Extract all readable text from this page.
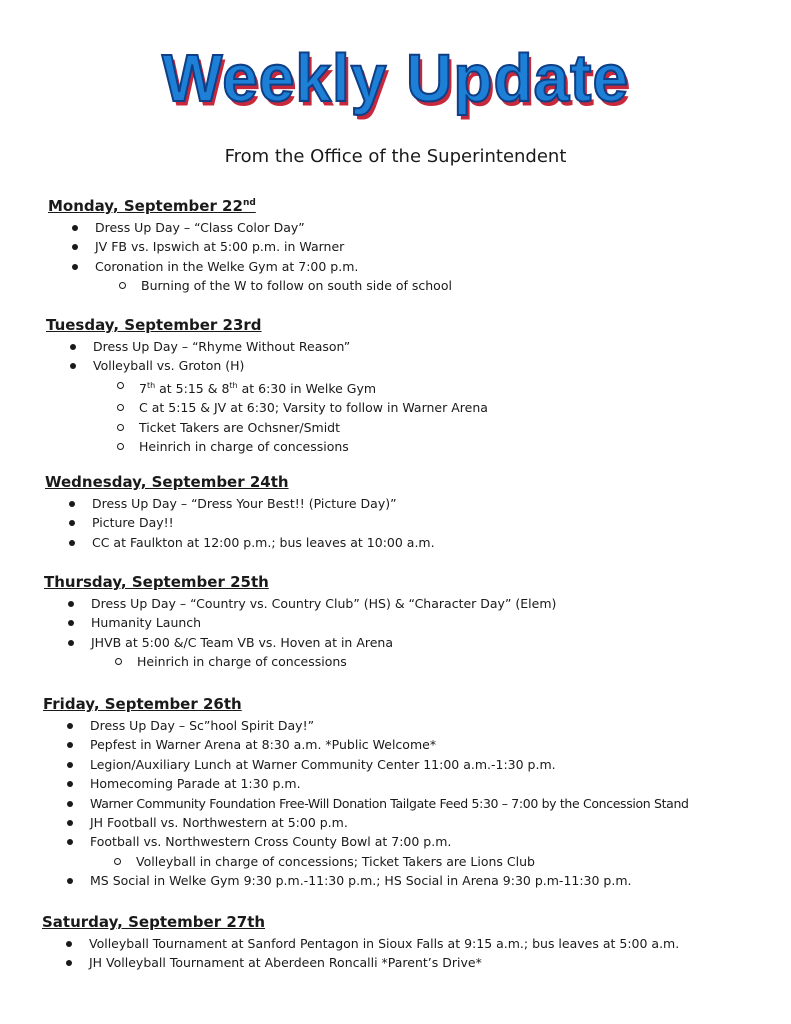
Weekly Update
From the Office of the Superintendent
Monday, September 22nd
Dress Up Day – “Class Color Day”
JV FB vs. Ipswich at 5:00 p.m. in Warner
Coronation in the Welke Gym at 7:00 p.m.
Burning of the W to follow on south side of school
Tuesday, September 23rd
Dress Up Day – “Rhyme Without Reason”
Volleyball vs. Groton (H)
7th at 5:15 & 8th at 6:30 in Welke Gym
C at 5:15 & JV at 6:30; Varsity to follow in Warner Arena
Ticket Takers are Ochsner/Smidt
Heinrich in charge of concessions
Wednesday, September 24th
Dress Up Day – “Dress Your Best!! (Picture Day)”
Picture Day!!
CC at Faulkton at 12:00 p.m.; bus leaves at 10:00 a.m.
Thursday, September 25th
Dress Up Day – “Country vs. Country Club” (HS) & “Character Day” (Elem)
Humanity Launch
JHVB at 5:00 &/C Team VB vs. Hoven at in Arena
Heinrich in charge of concessions
Friday, September 26th
Dress Up Day – Sc”hool Spirit Day!”
Pepfest in Warner Arena at 8:30 a.m. *Public Welcome*
Legion/Auxiliary Lunch at Warner Community Center 11:00 a.m.-1:30 p.m.
Homecoming Parade at 1:30 p.m.
Warner Community Foundation Free-Will Donation Tailgate Feed 5:30 – 7:00 by the Concession Stand
JH Football vs. Northwestern at 5:00 p.m.
Football vs. Northwestern Cross County Bowl at 7:00 p.m.
Volleyball in charge of concessions; Ticket Takers are Lions Club
MS Social in Welke Gym 9:30 p.m.-11:30 p.m.; HS Social in Arena 9:30 p.m-11:30 p.m.
Saturday, September 27th
Volleyball Tournament at Sanford Pentagon in Sioux Falls at 9:15 a.m.; bus leaves at 5:00 a.m.
JH Volleyball Tournament at Aberdeen Roncalli *Parent’s Drive*
